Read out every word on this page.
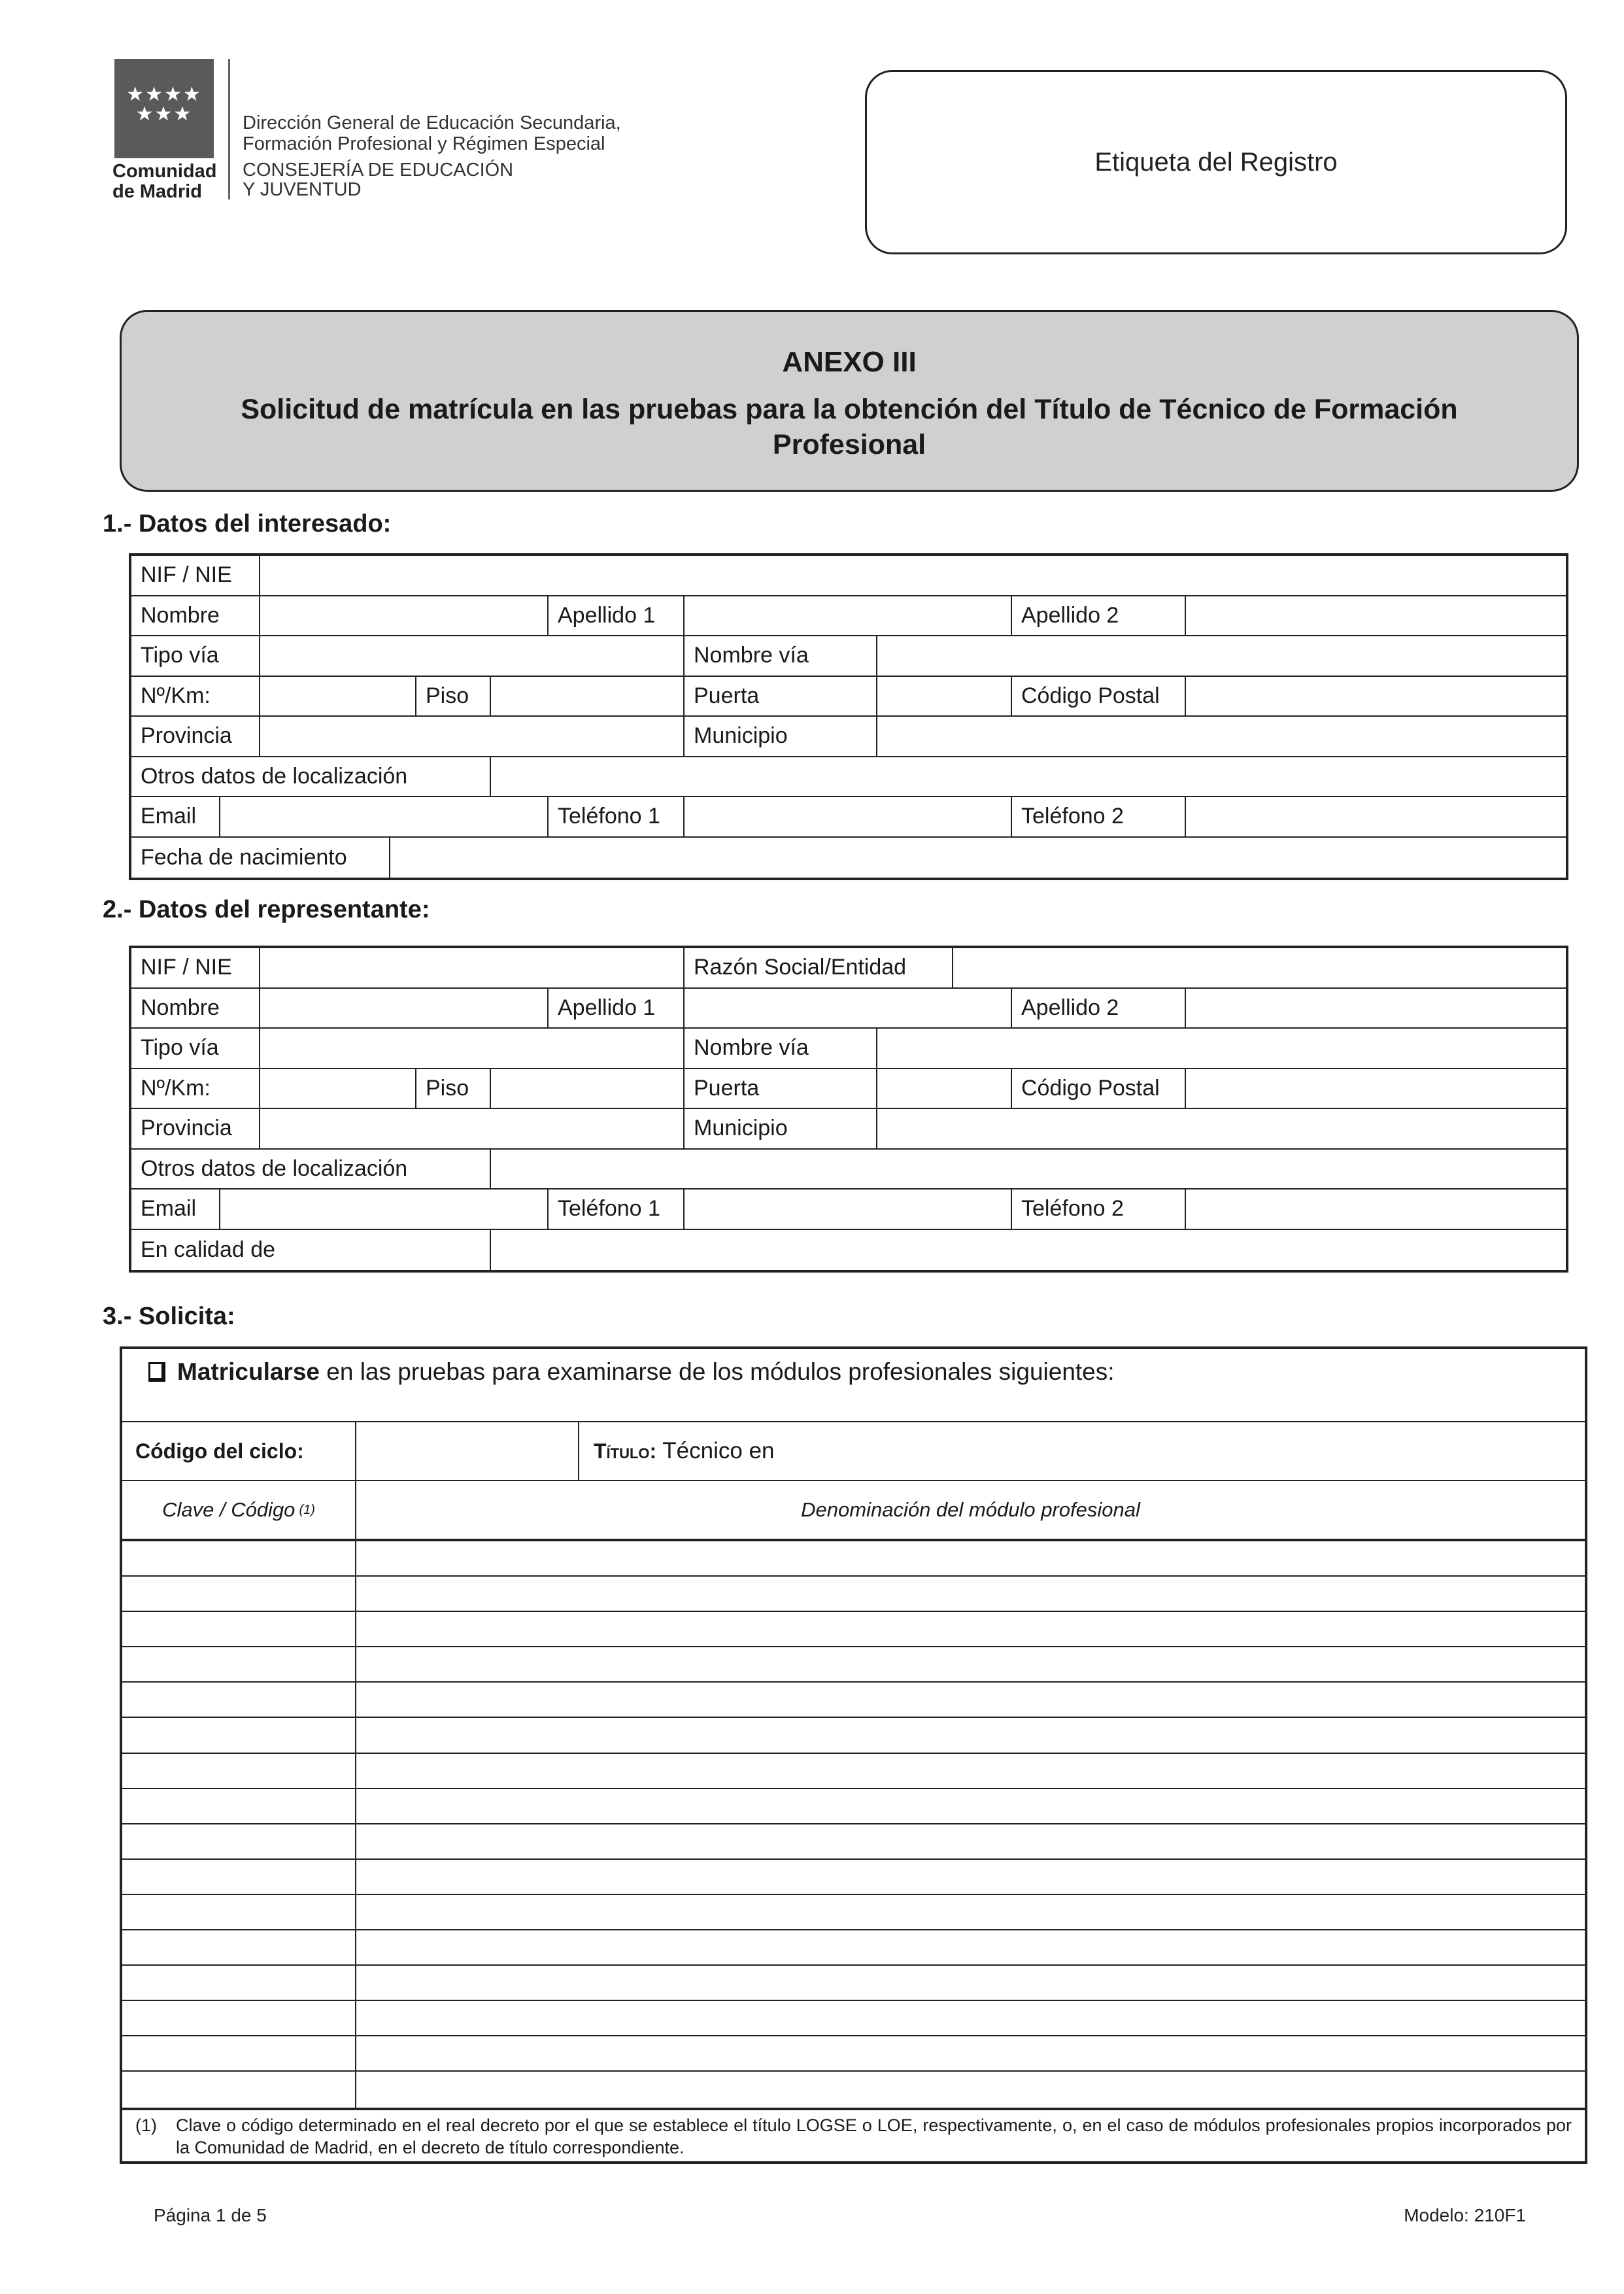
★★★★ ★★★
Comunidad
de Madrid
Dirección General de Educación Secundaria,
Formación Profesional y Régimen Especial
CONSEJERÍA DE EDUCACIÓN
Y JUVENTUD
Etiqueta del Registro
ANEXO III
Solicitud de matrícula en las pruebas para la obtención del Título de Técnico de Formación
Profesional
1.- Datos del interesado:
NIF / NIE
Nombre	Apellido 1	Apellido 2
Tipo vía	Nombre vía
Nº/Km:	Piso	Puerta	Código Postal
Provincia	Municipio
Otros datos de localización
Email	Teléfono 1	Teléfono 2
Fecha de nacimiento
2.- Datos del representante:
NIF / NIE	Razón Social/Entidad
Nombre	Apellido 1	Apellido 2
Tipo vía	Nombre vía
Nº/Km:	Piso	Puerta	Código Postal
Provincia	Municipio
Otros datos de localización
Email	Teléfono 1	Teléfono 2
En calidad de
3.- Solicita:
Matricularse en las pruebas para examinarse de los módulos profesionales siguientes:
Código del ciclo:	Título: Técnico en
Clave / Código (1)	Denominación del módulo profesional
(1)	Clave o código determinado en el real decreto por el que se establece el título LOGSE o LOE, respectivamente, o, en el caso de módulos profesionales propios incorporados por la Comunidad de Madrid, en el decreto de título correspondiente.
Página 1 de 5	Modelo: 210F1
